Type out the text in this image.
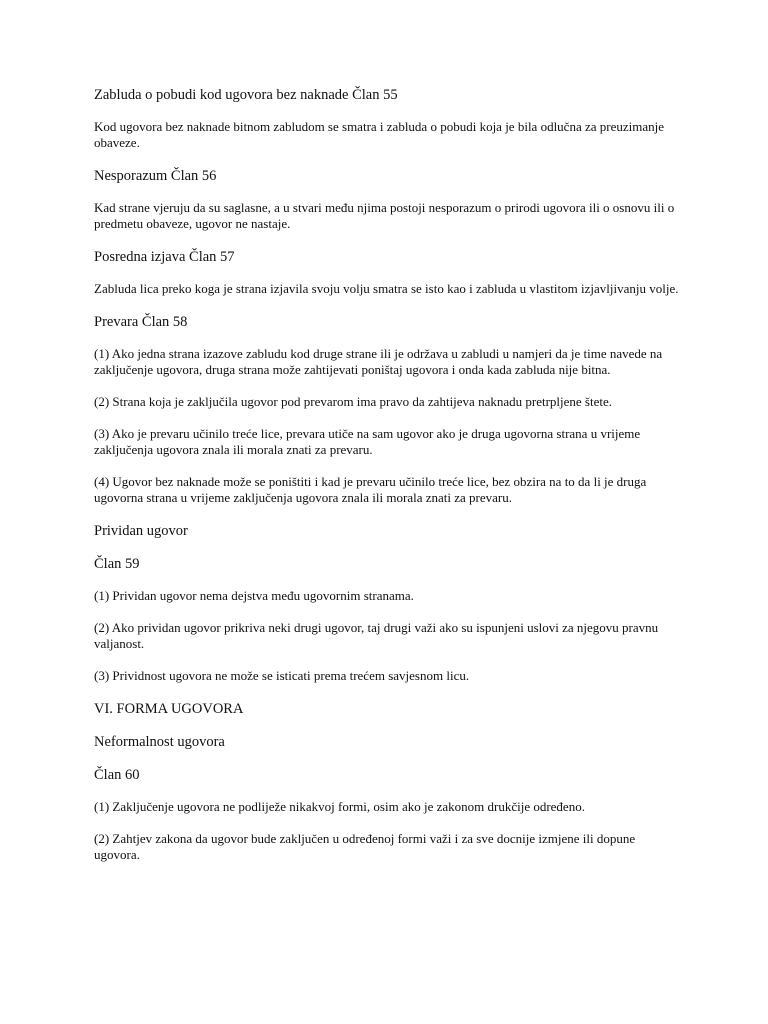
Zabluda o pobudi kod ugovora bez naknade Član 55
Kod ugovora bez naknade bitnom zabludom se smatra i zabluda o pobudi koja je bila odlučna za preuzimanje obaveze.
Nesporazum Član 56
Kad strane vjeruju da su saglasne, a u stvari među njima postoji nesporazum o prirodi ugovora ili o osnovu ili o predmetu obaveze, ugovor ne nastaje.
Posredna izjava Član 57
Zabluda lica preko koga je strana izjavila svoju volju smatra se isto kao i zabluda u vlastitom izjavljivanju volje.
Prevara Član 58
(1) Ako jedna strana izazove zabludu kod druge strane ili je održava u zabludi u namjeri da je time navede na zaključenje ugovora, druga strana može zahtijevati poništaj ugovora i onda kada zabluda nije bitna.
(2) Strana koja je zaključila ugovor pod prevarom ima pravo da zahtijeva naknadu pretrpljene štete.
(3) Ako je prevaru učinilo treće lice, prevara utiče na sam ugovor ako je druga ugovorna strana u vrijeme zaključenja ugovora znala ili morala znati za prevaru.
(4) Ugovor bez naknade može se poništiti i kad je prevaru učinilo treće lice, bez obzira na to da li je druga ugovorna strana u vrijeme zaključenja ugovora znala ili morala znati za prevaru.
Prividan ugovor
Član 59
(1) Prividan ugovor nema dejstva među ugovornim stranama.
(2) Ako prividan ugovor prikriva neki drugi ugovor, taj drugi važi ako su ispunjeni uslovi za njegovu pravnu valjanost.
(3) Prividnost ugovora ne može se isticati prema trećem savjesnom licu.
VI. FORMA UGOVORA
Neformalnost ugovora
Član 60
(1) Zaključenje ugovora ne podliježe nikakvoj formi, osim ako je zakonom drukčije određeno.
(2) Zahtjev zakona da ugovor bude zaključen u određenoj formi važi i za sve docnije izmjene ili dopune ugovora.
